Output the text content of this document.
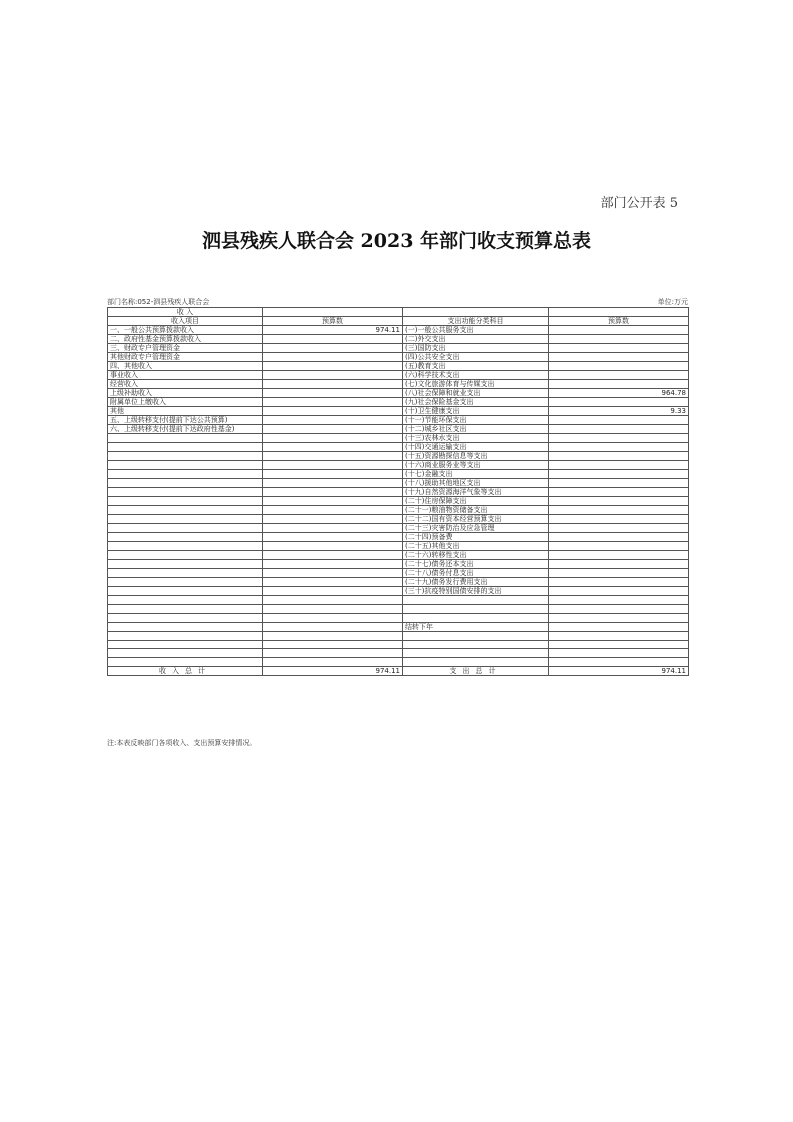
部门公开表 5
泗县残疾人联合会 2023 年部门收支预算总表
部门名称:052-泗县残疾人联合会	单位:万元
收 入			
收入项目	预算数	支出功能分类科目	预算数
一、一般公共预算拨款收入	974.11	(一)一般公共服务支出	
二、政府性基金预算拨款收入		(二)外交支出	
三、财政专户管理资金		(三)国防支出	
其他财政专户管理资金		(四)公共安全支出	
四、其他收入		(五)教育支出	
事业收入		(六)科学技术支出	
经营收入		(七)文化旅游体育与传媒支出	
上级补助收入		(八)社会保障和就业支出	964.78
附属单位上缴收入		(九)社会保险基金支出	
其他		(十)卫生健康支出	9.33
五、上级转移支付(提前下达公共预算)		(十一)节能环保支出	
六、上级转移支付(提前下达政府性基金)		(十二)城乡社区支出	
		(十三)农林水支出	
		(十四)交通运输支出	
		(十五)资源勘探信息等支出	
		(十六)商业服务业等支出	
		(十七)金融支出	
		(十八)援助其他地区支出	
		(十九)自然资源海洋气象等支出	
		(二十)住房保障支出	
		(二十一)粮油物资储备支出	
		(二十二)国有资本经营预算支出	
		(二十三)灾害防治及应急管理	
		(二十四)预备费	
		(二十五)其他支出	
		(二十六)转移性支出	
		(二十七)债务还本支出	
		(二十八)债务付息支出	
		(二十九)债务发行费用支出	
		(三十)抗疫特别国债安排的支出	

		结转下年	

收入总计	974.11	支出总计	974.11
注:本表反映部门各项收入、支出预算安排情况。
